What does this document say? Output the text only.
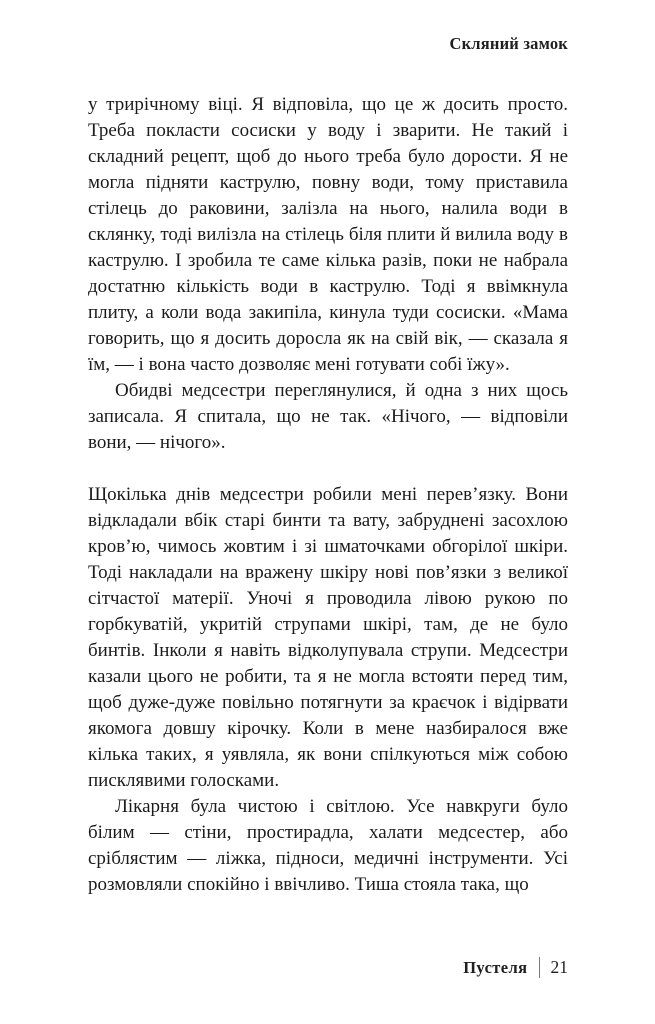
Скляний замок

у трирічному віці. Я відповіла, що це ж досить просто. Треба покласти сосиски у воду і зварити. Не такий і складний рецепт, щоб до нього треба було дорости. Я не могла підняти каструлю, повну води, тому приставила стілець до раковини, залізла на нього, налила води в склянку, тоді вилізла на стілець біля плити й вилила воду в каструлю. І зробила те саме кілька разів, поки не набрала достатню кількість води в каструлю. Тоді я ввімкнула плиту, а коли вода закипіла, кинула туди сосиски. «Мама говорить, що я досить доросла як на свій вік, — сказала я їм, — і вона часто дозволяє мені готувати собі їжу».

Обидві медсестри переглянулися, й одна з них щось записала. Я спитала, що не так. «Нічого, — відповіли вони, — нічого».

Щокілька днів медсестри робили мені перев’язку. Вони відкладали вбік старі бинти та вату, забруднені засохлою кров’ю, чимось жовтим і зі шматочками обгорілої шкіри. Тоді накладали на вражену шкіру нові пов’язки з великої сітчастої матерії. Уночі я проводила лівою рукою по горбкуватій, укритій струпами шкірі, там, де не було бинтів. Інколи я навіть відколупувала струпи. Медсестри казали цього не робити, та я не могла встояти перед тим, щоб дуже-дуже повільно потягнути за краєчок і відірвати якомога довшу кірочку. Коли в мене назбиралося вже кілька таких, я уявляла, як вони спілкуються між собою писклявими голосками.

Лікарня була чистою і світлою. Усе навкруги було білим — стіни, простирадла, халати медсестер, або сріблястим — ліжка, підноси, медичні інструменти. Усі розмовляли спокійно і ввічливо. Тиша стояла така, що

Пустеля 21
